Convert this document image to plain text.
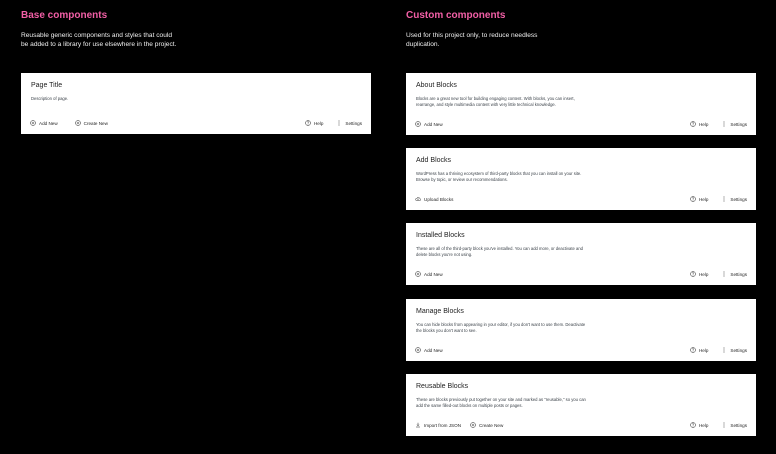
Base components

Reusable generic components and styles that could
be added to a library for use elsewhere in the project.

Page Title
Description of page.
Add New	Create New	Help	Settings
Custom components

Used for this project only, to reduce needless
duplication.

About Blocks
Blocks are a great new tool for building engaging content. With blocks, you can insert,
rearrange, and style multimedia content with very little technical knowledge.
Add New	Help	Settings
Add Blocks
WordPress has a thriving ecosystem of third-party blocks that you can install on your site.
Browse by topic, or review our recommendations.
Upload Blocks	Help	Settings
Installed Blocks
These are all of the third-party block you've installed. You can add more, or deactivate and
delete blocks you're not using.
Add New	Help	Settings
Manage Blocks
You can hide blocks from appearing in your editor, if you don't want to use them. Deactivate
the blocks you don't want to see.
Add New	Help	Settings
Reusable Blocks
These are blocks previously put together on your site and marked as "reusable," so you can
add the same filled-out blocks on multiple posts or pages.
Import from JSON	Create New	Help	Settings
